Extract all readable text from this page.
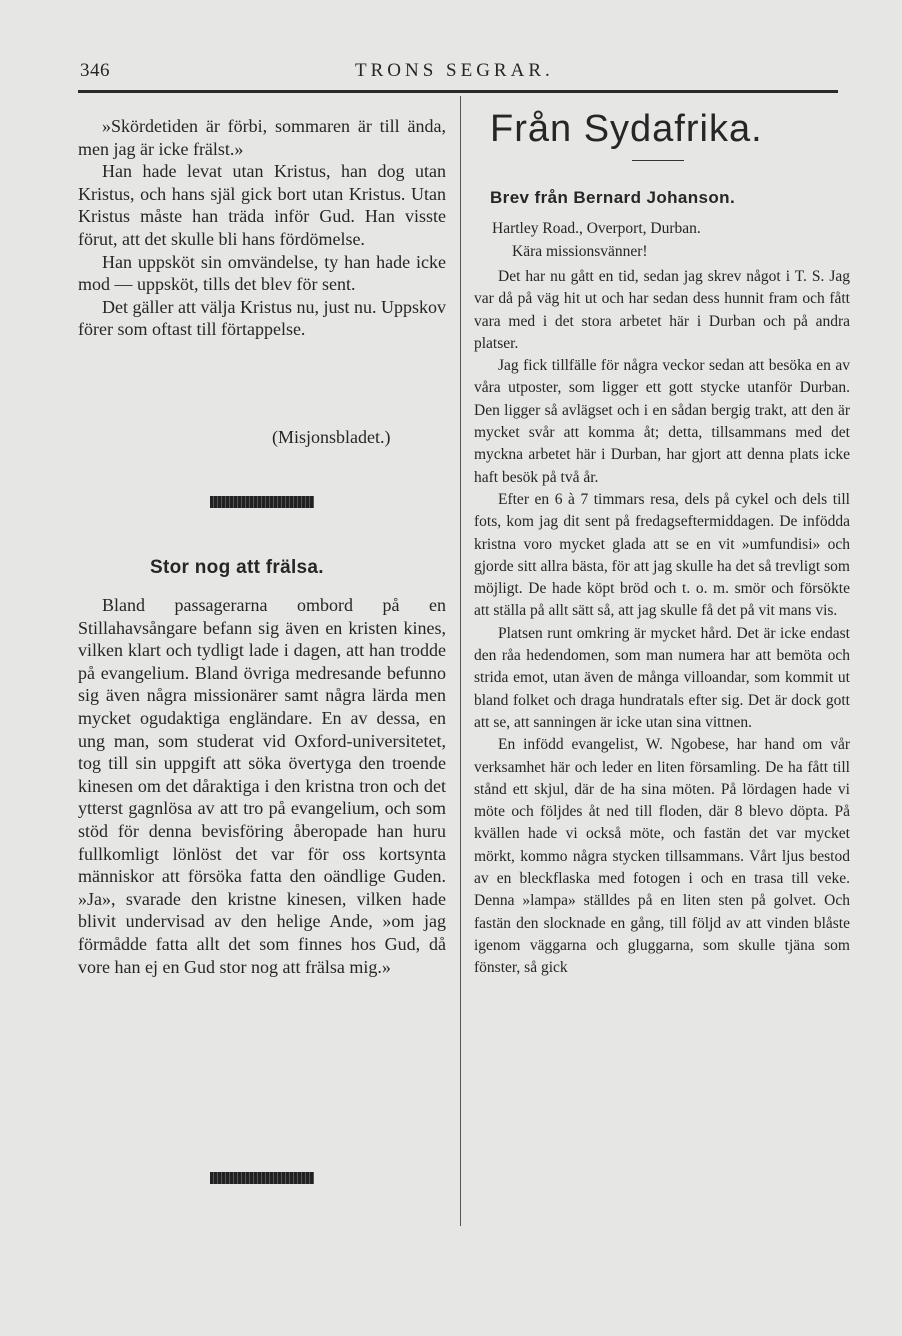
346	TRONS SEGRAR.

»Skördetiden är förbi, sommaren är till ända, men jag är icke frälst.»

Han hade levat utan Kristus, han dog utan Kristus, och hans själ gick bort utan Kristus. Utan Kristus måste han träda inför Gud. Han visste förut, att det skulle bli hans fördömelse.

Han uppsköt sin omvändelse, ty han hade icke mod — uppsköt, tills det blev för sent.

Det gäller att välja Kristus nu, just nu. Uppskov förer som oftast till förtappelse.

(Misjonsbladet.)
Stor nog att frälsa.

Bland passagerarna ombord på en Stillahavsångare befann sig även en kristen kines, vilken klart och tydligt lade i dagen, att han trodde på evangelium. Bland övriga medresande befunno sig även några missionärer samt några lärda men mycket ogudaktiga engländare. En av dessa, en ung man, som studerat vid Oxford-universitetet, tog till sin uppgift att söka övertyga den troende kinesen om det dåraktiga i den kristna tron och det ytterst gagnlösa av att tro på evangelium, och som stöd för denna bevisföring åberopade han huru fullkomligt lönlöst det var för oss kortsynta människor att försöka fatta den oändlige Guden. »Ja», svarade den kristne kinesen, vilken hade blivit undervisad av den helige Ande, »om jag förmådde fatta allt det som finnes hos Gud, då vore han ej en Gud stor nog att frälsa mig.»

Från Sydafrika.
Brev från Bernard Johanson.
Hartley Road., Overport, Durban.
Kära missionsvänner!

Det har nu gått en tid, sedan jag skrev något i T. S. Jag var då på väg hit ut och har sedan dess hunnit fram och fått vara med i det stora arbetet här i Durban och på andra platser.

Jag fick tillfälle för några veckor sedan att besöka en av våra utposter, som ligger ett gott stycke utanför Durban. Den ligger så avlägset och i en sådan bergig trakt, att den är mycket svår att komma åt; detta, tillsammans med det myckna arbetet här i Durban, har gjort att denna plats icke haft besök på två år.

Efter en 6 à 7 timmars resa, dels på cykel och dels till fots, kom jag dit sent på fredagseftermiddagen. De infödda kristna voro mycket glada att se en vit »umfundisi» och gjorde sitt allra bästa, för att jag skulle ha det så trevligt som möjligt. De hade köpt bröd och t. o. m. smör och försökte att ställa på allt sätt så, att jag skulle få det på vit mans vis.

Platsen runt omkring är mycket hård. Det är icke endast den råa hedendomen, som man numera har att bemöta och strida emot, utan även de många villoandar, som kommit ut bland folket och draga hundratals efter sig. Det är dock gott att se, att sanningen är icke utan sina vittnen.

En infödd evangelist, W. Ngobese, har hand om vår verksamhet här och leder en liten församling. De ha fått till stånd ett skjul, där de ha sina möten. På lördagen hade vi möte och följdes åt ned till floden, där 8 blevo döpta. På kvällen hade vi också möte, och fastän det var mycket mörkt, kommo några stycken tillsammans. Vårt ljus bestod av en bleckflaska med fotogen i och en trasa till veke. Denna »lampa» ställdes på en liten sten på golvet. Och fastän den slocknade en gång, till följd av att vinden blåste igenom väggarna och gluggarna, som skulle tjäna som fönster, så gick
